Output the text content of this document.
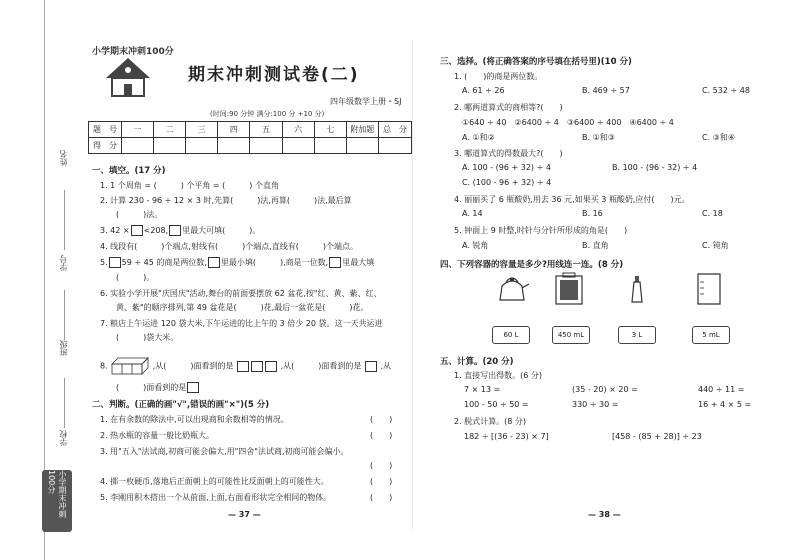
姓名
学号
班级
学校
小学期末冲刺100分
小学期末冲刺100分
期末冲刺测试卷(二)
四年级数学上册・SJ
(时间:90 分钟 满分:100 分 +10 分)
题　号	一	二	三	四	五	六	七	附加题	总　分
得　分									
一、填空。(17 分)
1. 1 个周角 = (　　　) 个平角 = (　　　) 个直角
2. 计算 230 - 96 ÷ 12 × 3 时,先算(　　　)法,再算(　　　)法,最后算
(　　　)法。
3. 42 × <208, 里最大可填(　　　)。
4. 线段有(　　　)个端点,射线有(　　　)个端点,直线有(　　　)个端点。
5. 59 ÷ 45 的商是两位数, 里最小填(　　　),商是一位数, 里最大填
(　　　)。
6. 实验小学开展"庆国庆"活动,舞台的前面要摆放 62 盆花,按"红、黄、紫、红、
黄、紫"的顺序排列,第 49 盆花是(　　　)花,最后一盆花是(　　　)花。
7. 粮店上午运进 120 袋大米,下午运进的比上午的 3 倍少 20 袋。这一天共运进
(　　　)袋大米。
8.	,从(　　　)面看到的是	,从(　　　)面看到的是 ,从
(　　　)面看到的是
二、判断。(正确的画"√",错误的画"×")(5 分)
1. 在有余数的除法中,可以出现商和余数相等的情况。	(　　)
2. 热水瓶的容量一般比奶瓶大。	(　　)
3. 用"五入"法试商,初商可能会偏大,用"四舍"法试商,初商可能会偏小。
(　　)
4. 掷一枚硬币,落地后正面朝上的可能性比反面朝上的可能性大。	(　　)
5. 李刚用积木搭出一个从前面,上面,右面看形状完全相同的物体。	(　　)
— 37 —
三、选择。(将正确答案的序号填在括号里)(10 分)
1. (　　)的商是两位数。
A. 61 ÷ 26	B. 469 ÷ 57	C. 532 ÷ 48
2. 哪两道算式的商相等?(　　)
①640 ÷ 40　②6400 ÷ 4　③6400 ÷ 400　④6400 ÷ 4
A. ①和②	B. ①和③	C. ③和④
3. 哪道算式的得数最大?(　　)
A. 100 - (96 + 32) ÷ 4	B. 100 - (96 - 32) ÷ 4
C. (100 - 96 + 32) ÷ 4
4. 丽丽买了 6 瓶酸奶,用去 36 元,如果买 3 瓶酸奶,应付(　　)元。
A. 14	B. 16	C. 18
5. 钟面上 9 时整,时针与分针所形成的角是(　　)
A. 锐角	B. 直角	C. 钝角
四、下列容器的容量是多少?用线连一连。(8 分)
60 L	450 mL	3 L	5 mL
五、计算。(20 分)
1. 直接写出得数。(6 分)
7 × 13 =	(35 - 20) × 20 =	440 ÷ 11 =
100 - 50 ÷ 50 =	330 ÷ 30 =	16 + 4 × 5 =
2. 脱式计算。(8 分)
182 ÷ [(36 - 23) × 7]	[458 - (85 + 28)] ÷ 23
— 38 —
